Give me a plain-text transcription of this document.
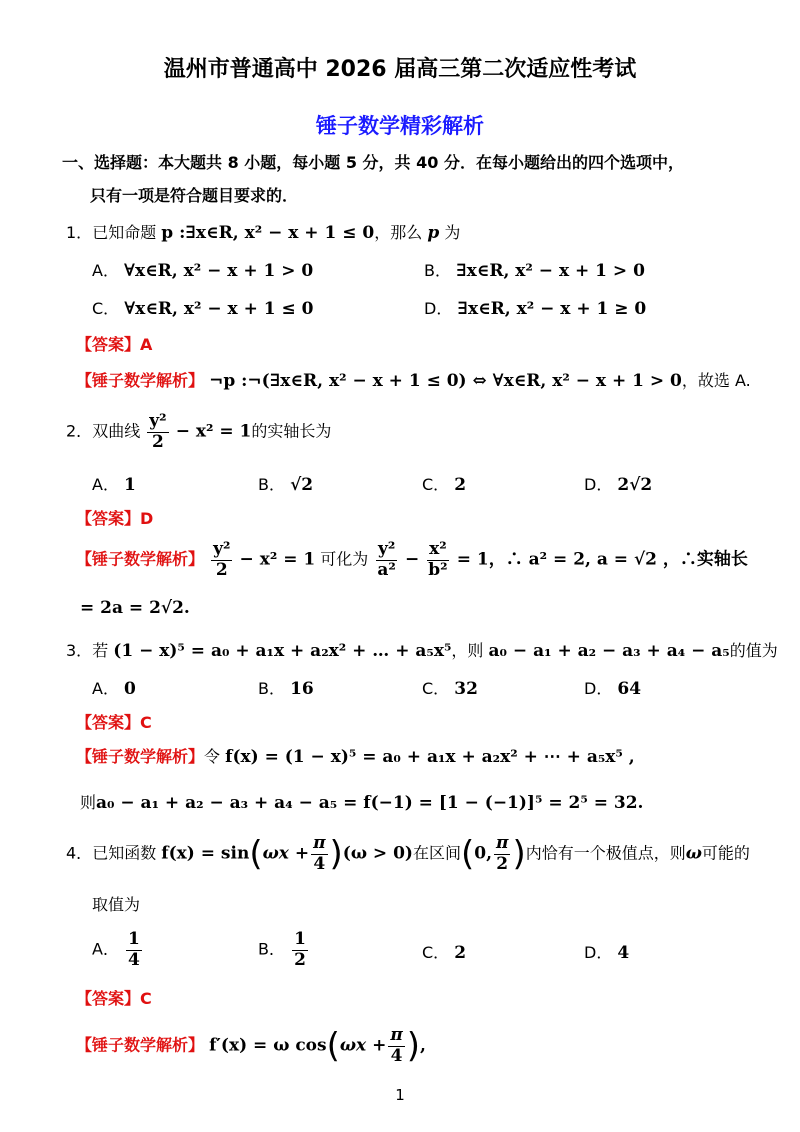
温州市普通高中 2026 届高三第二次适应性考试
锤子数学精彩解析
一、选择题：本大题共 8 小题，每小题 5 分，共 40 分．在每小题给出的四个选项中，
只有一项是符合题目要求的．
1．已知命题 p :∃x∈R, x² − x + 1 ≤ 0，那么 p 为
A． ∀x∈R, x² − x + 1 > 0	B． ∃x∈R, x² − x + 1 > 0
C． ∀x∈R, x² − x + 1 ≤ 0	D． ∃x∈R, x² − x + 1 ≥ 0
【答案】A
【锤子数学解析】 ¬p :¬(∃x∈R, x² − x + 1 ≤ 0) ⇔ ∀x∈R, x² − x + 1 > 0，故选 A.
2．双曲线 $\frac{\text{y²}}{2} - x^2 = 1$的实轴长为
A． 1	B． √2	C． 2	D． 2√2
【答案】D
【锤子数学解析】 $\frac{\text{y²}}{2} - x^2 = 1$ 可化为 $\frac{\text{y²}}{\text{a²}} - \frac{\text{x²}}{\text{b²}} = 1$，∴ a² = 2, a = √2 ，∴实轴长
= 2a = 2√2.
3．若 (1 − x)⁵ = a₀ + a₁x + a₂x² + … + a₅x⁵，则 a₀ − a₁ + a₂ − a₃ + a₄ − a₅的值为
A． 0	B． 16	C． 32	D． 64
【答案】C
【锤子数学解析】令 f(x) = (1 − x)⁵ = a₀ + a₁x + a₂x² + ⋯ + a₅x⁵ ,
则a₀ − a₁ + a₂ − a₃ + a₄ − a₅ = f(−1) = [1 − (−1)]⁵ = 2⁵ = 32.
4．已知函数 $f(x) = \sin(\omega x + \frac{\pi}{4} )(\omega > 0)$在区间(0, $\frac{\pi}{2}$ )内恰有一个极值点，则ω可能的
取值为
A． $\frac{1}{4}$	B． $\frac{1}{2}$	C． 2	D． 4
【答案】C
【锤子数学解析】 f′(x) = ω $\cos(\omega x + \frac{\pi}{4}$ ),
1
